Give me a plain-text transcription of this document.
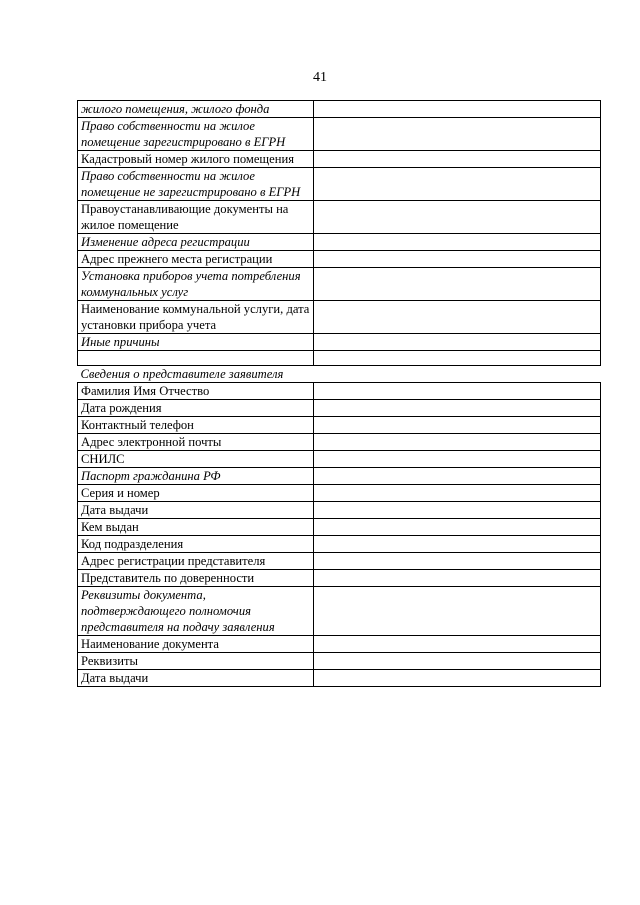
41
жилого помещения, жилого фонда	
Право собственности на жилое помещение зарегистрировано в ЕГРН	
Кадастровый номер жилого помещения	
Право собственности на жилое помещение не зарегистрировано в ЕГРН	
Правоустанавливающие документы на жилое помещение	
Изменение адреса регистрации	
Адрес прежнего места регистрации	
Установка приборов учета потребления коммунальных услуг	
Наименование коммунальной услуги, дата установки прибора учета	
Иные причины	

Сведения о представителе заявителя	
Фамилия Имя Отчество	
Дата рождения	
Контактный телефон	
Адрес электронной почты	
СНИЛС	
Паспорт гражданина РФ	
Серия и номер	
Дата выдачи	
Кем выдан	
Код подразделения	
Адрес регистрации представителя	
Представитель по доверенности	
Реквизиты документа, подтверждающего полномочия представителя на подачу заявления	
Наименование документа	
Реквизиты	
Дата выдачи	
